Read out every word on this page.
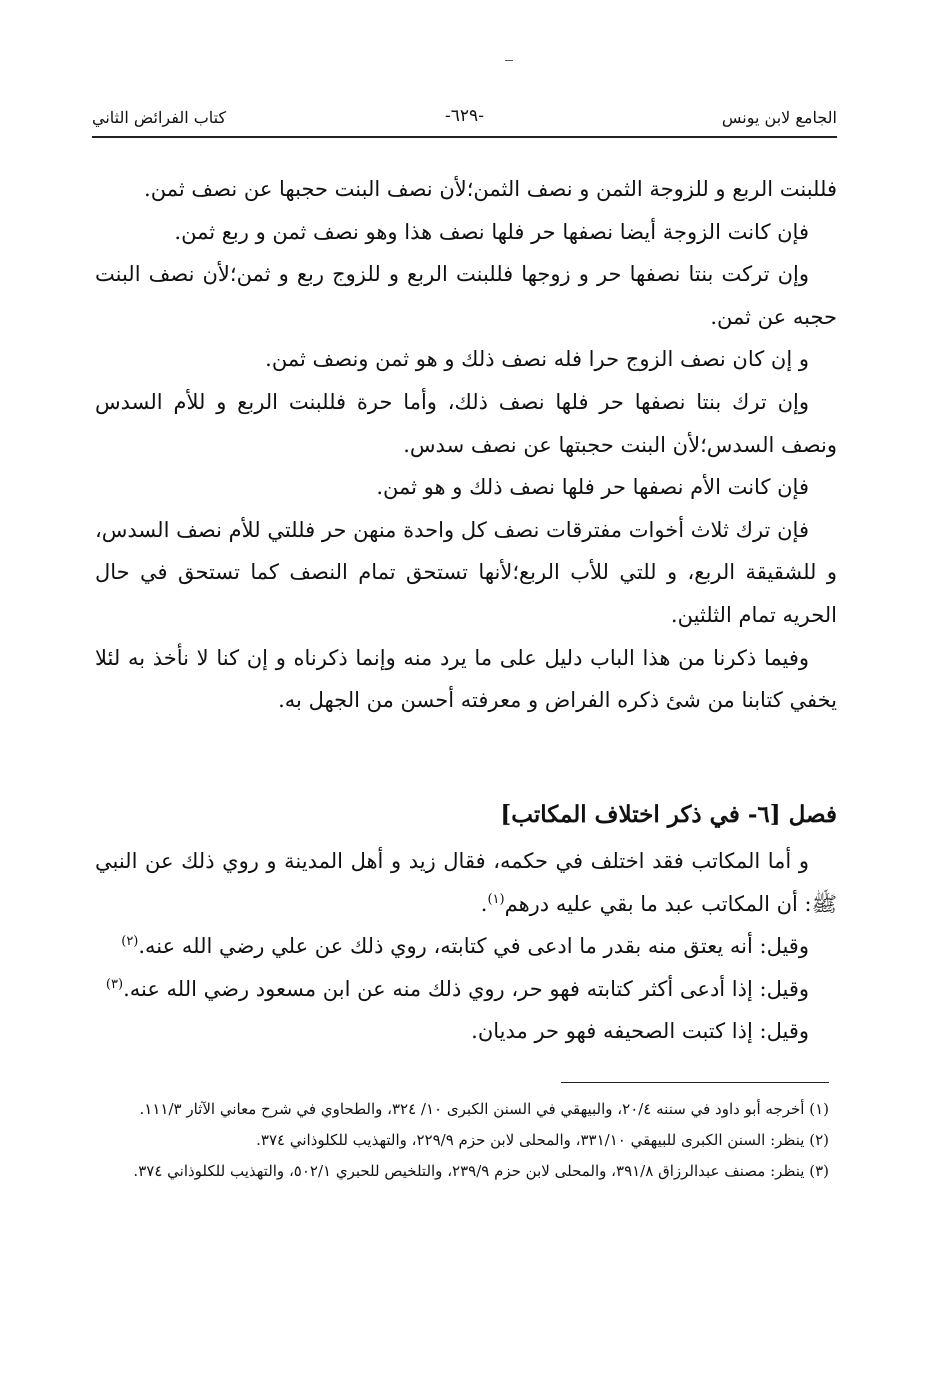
الجامع لابن يونس
-٦٢٩-
كتاب الفرائض الثاني

فللبنت الربع و للزوجة الثمن و نصف الثمن؛لأن نصف البنت حجبها عن نصف ثمن.

فإن كانت الزوجة أيضا نصفها حر فلها نصف هذا وهو نصف ثمن و ربع ثمن.

وإن تركت بنتا نصفها حر و زوجها فللبنت الربع و للزوج ربع و ثمن؛لأن نصف البنت حجبه عن ثمن.

و إن كان نصف الزوج حرا فله نصف ذلك و هو ثمن ونصف ثمن.

وإن ترك بنتا نصفها حر فلها نصف ذلك، وأما حرة فللبنت الربع و للأم السدس ونصف السدس؛لأن البنت حجبتها عن نصف سدس.

فإن كانت الأم نصفها حر فلها نصف ذلك و هو ثمن.

فإن ترك ثلاث أخوات مفترقات نصف كل واحدة منهن حر فللتي للأم نصف السدس، و للشقيقة الربع، و للتي للأب الربع؛لأنها تستحق تمام النصف كما تستحق في حال الحريه تمام الثلثين.

وفيما ذكرنا من هذا الباب دليل على ما يرد منه وإنما ذكرناه و إن كنا لا نأخذ به لئلا يخفي كتابنا من شئ ذكره الفراض و معرفته أحسن من الجهل به.

فصل [٦- في ذكر اختلاف المكاتب]

و أما المكاتب فقد اختلف في حكمه، فقال زيد و أهل المدينة و روي ذلك عن النبي ﷺ: أن المكاتب عبد ما بقي عليه درهم$^{(١)}$.

وقيل: أنه يعتق منه بقدر ما ادعى في كتابته، روي ذلك عن علي رضي الله عنه.$^{(٢)}$

وقيل: إذا أدعى أكثر كتابته فهو حر، روي ذلك منه عن ابن مسعود رضي الله عنه.$^{(٣)}$

وقيل: إذا كتبت الصحيفه فهو حر مديان.

(١) أخرجه أبو داود في سننه ٢٠/٤، والبيهقي في السنن الكبرى ١٠/ ٣٢٤، والطحاوي في شرح معاني الآثار ١١١/٣.

(٢) ينظر: السنن الكبرى للبيهقي ٣٣١/١٠، والمحلى لابن حزم ٢٢٩/٩، والتهذيب للكلوذاني ٣٧٤.

(٣) ينظر: مصنف عبدالرزاق ٣٩١/٨، والمحلى لابن حزم ٢٣٩/٩، والتلخيص للحبري ٥٠٢/١، والتهذيب للكلوذاني ٣٧٤.
